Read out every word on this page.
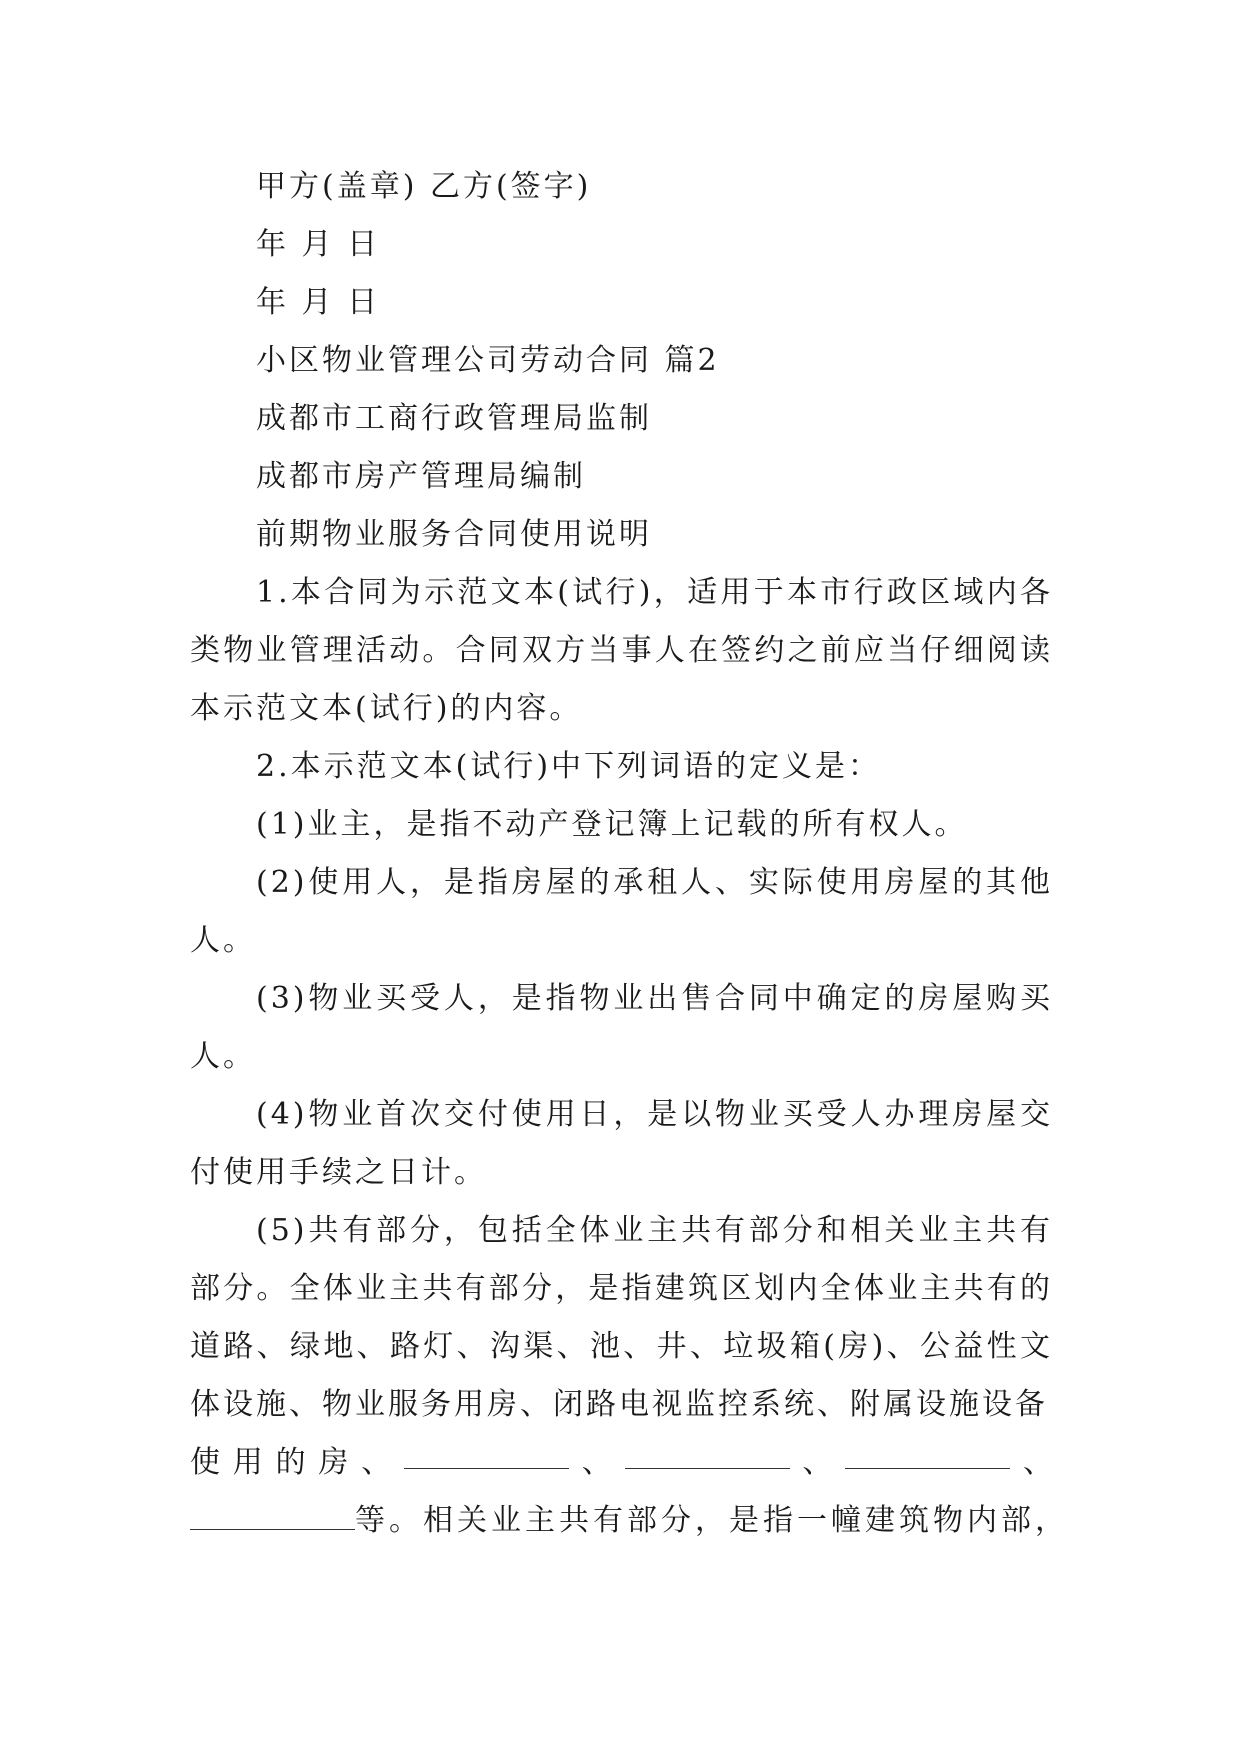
甲方(盖章) 乙方(签字)
年 月 日
年 月 日
小区物业管理公司劳动合同 篇2
成都市工商行政管理局监制
成都市房产管理局编制
前期物业服务合同使用说明

1.本合同为示范文本(试行)，适用于本市行政区域内各类物业管理活动。合同双方当事人在签约之前应当仔细阅读本示范文本(试行)的内容。

2.本示范文本(试行)中下列词语的定义是：

(1)业主，是指不动产登记簿上记载的所有权人。

(2)使用人，是指房屋的承租人、实际使用房屋的其他人。

(3)物业买受人，是指物业出售合同中确定的房屋购买人。

(4)物业首次交付使用日，是以物业买受人办理房屋交付使用手续之日计。

(5)共有部分，包括全体业主共有部分和相关业主共有部分。全体业主共有部分，是指建筑区划内全体业主共有的道路、绿地、路灯、沟渠、池、井、垃圾箱(房)、公益性文体设施、物业服务用房、闭路电视监控系统、附属设施设备

使 用 的 房 、	、	、	、
等。相关业主共有部分，是指一幢建筑物内部，
